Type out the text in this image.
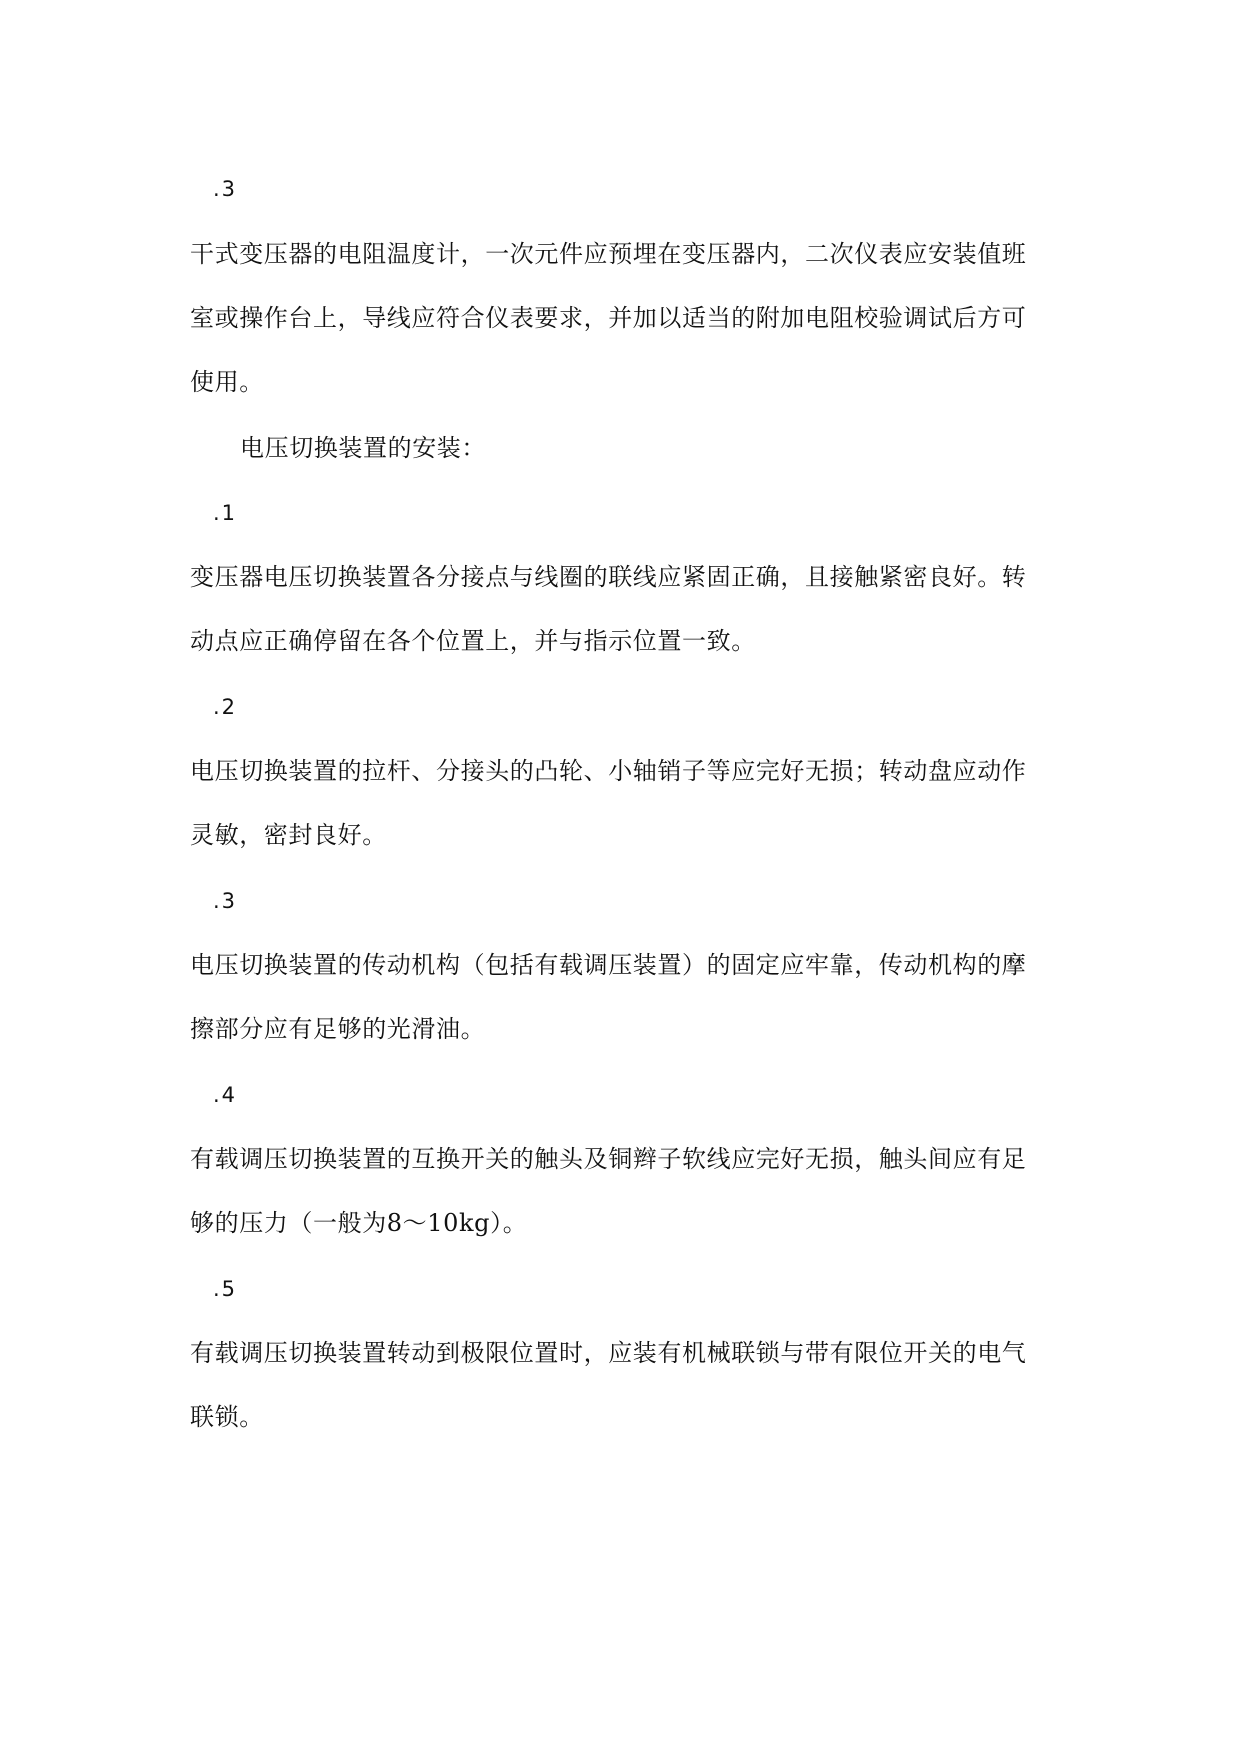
.3
干式变压器的电阻温度计，一次元件应预埋在变压器内，二次仪表应安装值班
室或操作台上，导线应符合仪表要求，并加以适当的附加电阻校验调试后方可
使用。
电压切换装置的安装：
.1
变压器电压切换装置各分接点与线圈的联线应紧固正确，且接触紧密良好。转
动点应正确停留在各个位置上，并与指示位置一致。
.2
电压切换装置的拉杆、分接头的凸轮、小轴销子等应完好无损；转动盘应动作
灵敏，密封良好。
.3
电压切换装置的传动机构（包括有载调压装置）的固定应牢靠，传动机构的摩
擦部分应有足够的光滑油。
.4
有载调压切换装置的互换开关的触头及铜辫子软线应完好无损，触头间应有足
够的压力（一般为8～10kg）。
.5
有载调压切换装置转动到极限位置时，应装有机械联锁与带有限位开关的电气
联锁。
